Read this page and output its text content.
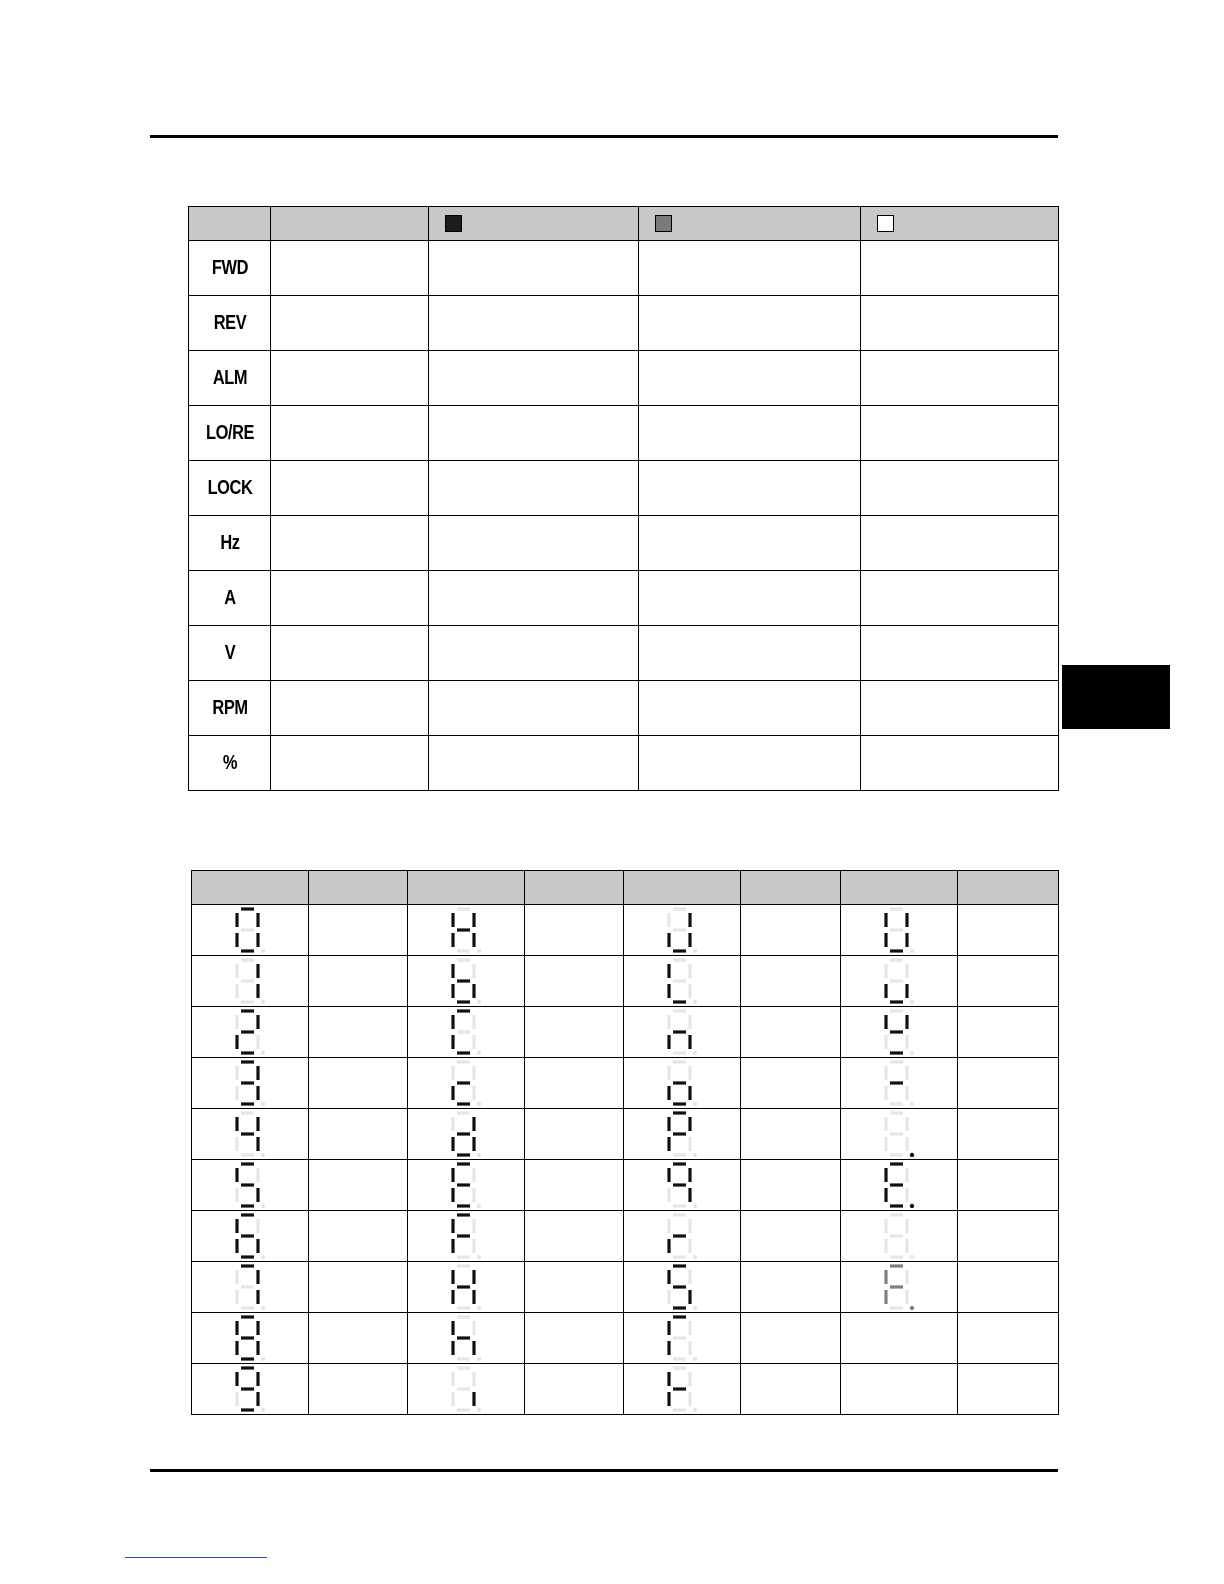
FWD				
REV				
ALM				
LO/RE				
LOCK				
Hz				
A				
V				
RPM				
%				
